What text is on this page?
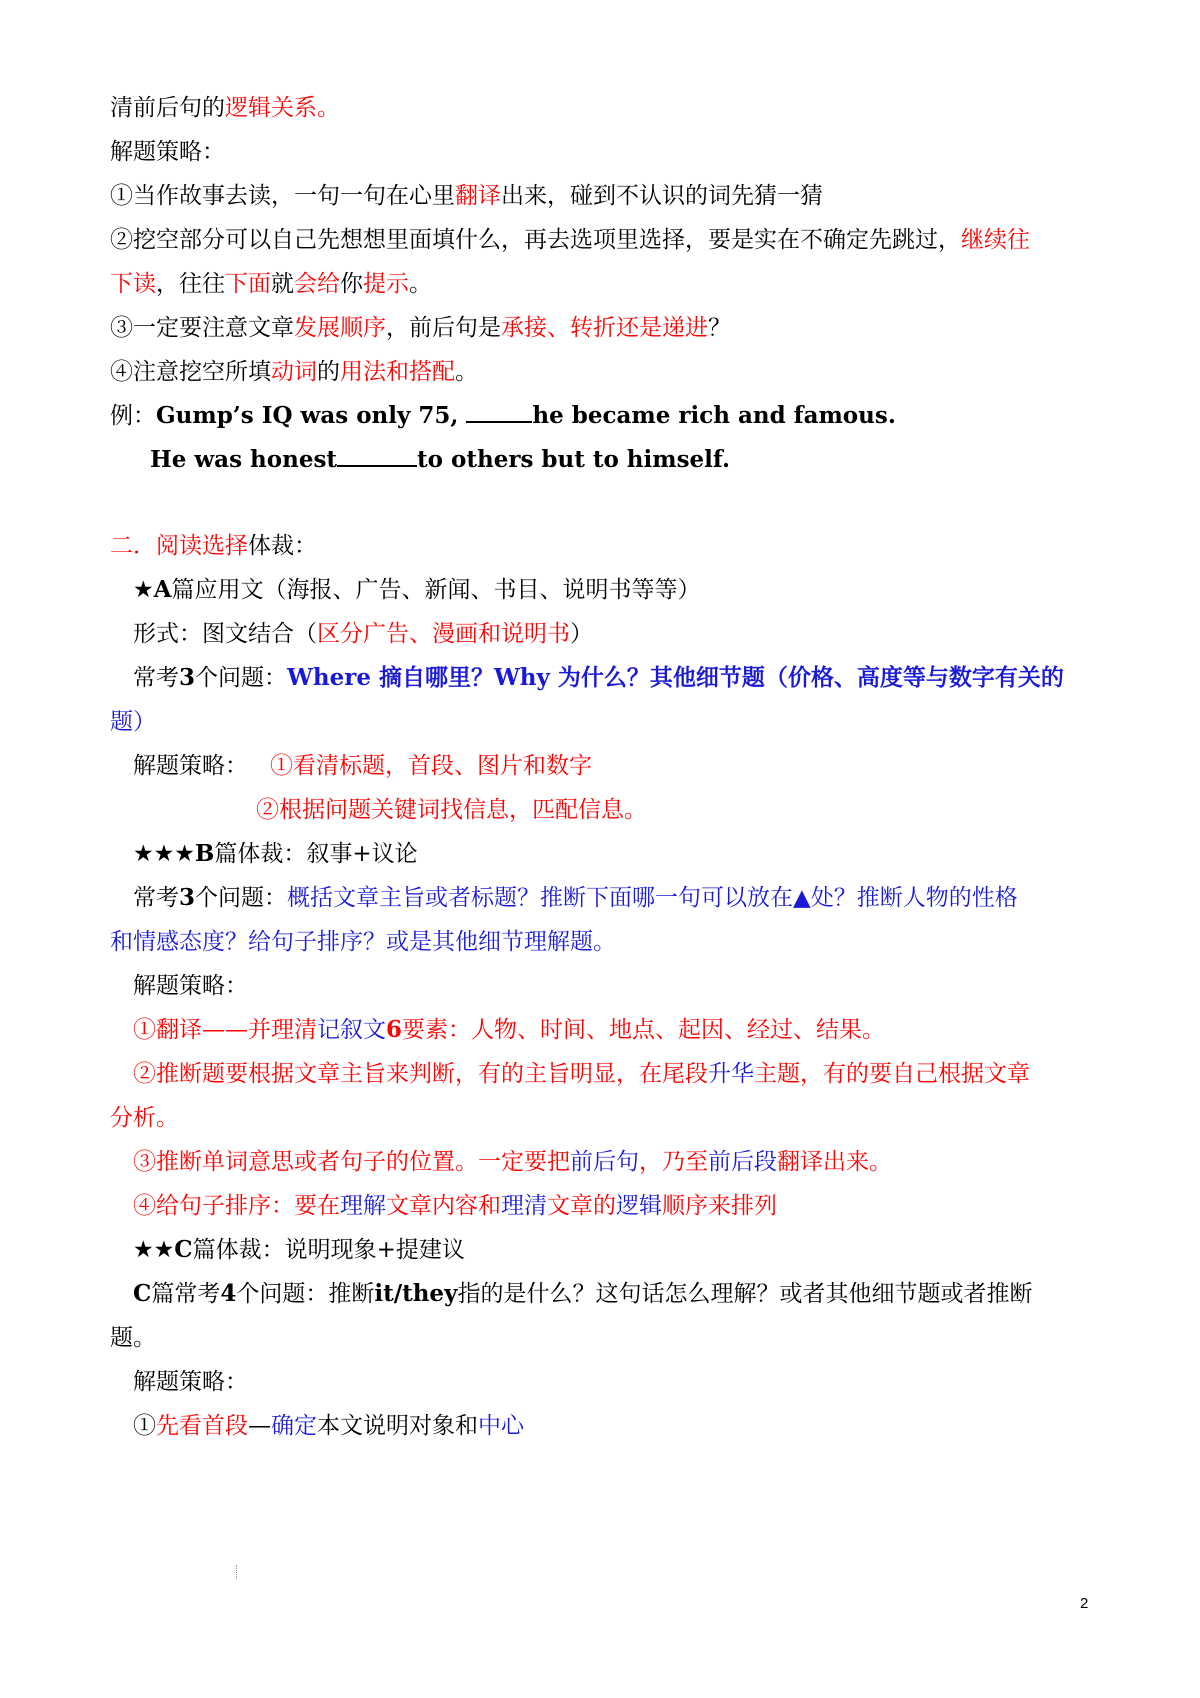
清前后句的逻辑关系。
解题策略：
①当作故事去读，一句一句在心里翻译出来，碰到不认识的词先猜一猜
②挖空部分可以自己先想想里面填什么，再去选项里选择，要是实在不确定先跳过，继续往
下读，往往下面就会给你提示。
③一定要注意文章发展顺序，前后句是承接、转折还是递进？
④注意挖空所填动词的用法和搭配。
例：Gump’s IQ was only 75,	he became rich and famous.
He was honest	to others but to himself.
二．阅读选择体裁：
★A篇应用文（海报、广告、新闻、书目、说明书等等）
形式：图文结合（区分广告、漫画和说明书）
常考3个问题：Where 摘自哪里？Why 为什么？其他细节题（价格、高度等与数字有关的
题）
解题策略： ①看清标题，首段、图片和数字
②根据问题关键词找信息，匹配信息。
★★★B篇体裁：叙事+议论
常考3个问题：概括文章主旨或者标题？推断下面哪一句可以放在▲处？推断人物的性格
和情感态度？给句子排序？或是其他细节理解题。
解题策略：
①翻译——并理清记叙文6要素：人物、时间、地点、起因、经过、结果。
②推断题要根据文章主旨来判断，有的主旨明显，在尾段升华主题，有的要自己根据文章
分析。
③推断单词意思或者句子的位置。一定要把前后句，乃至前后段翻译出来。
④给句子排序：要在理解文章内容和理清文章的逻辑顺序来排列
★★C篇体裁：说明现象+提建议
C篇常考4个问题：推断it/they指的是什么？这句话怎么理解？或者其他细节题或者推断
题。
解题策略：
①先看首段—确定本文说明对象和中心
2
